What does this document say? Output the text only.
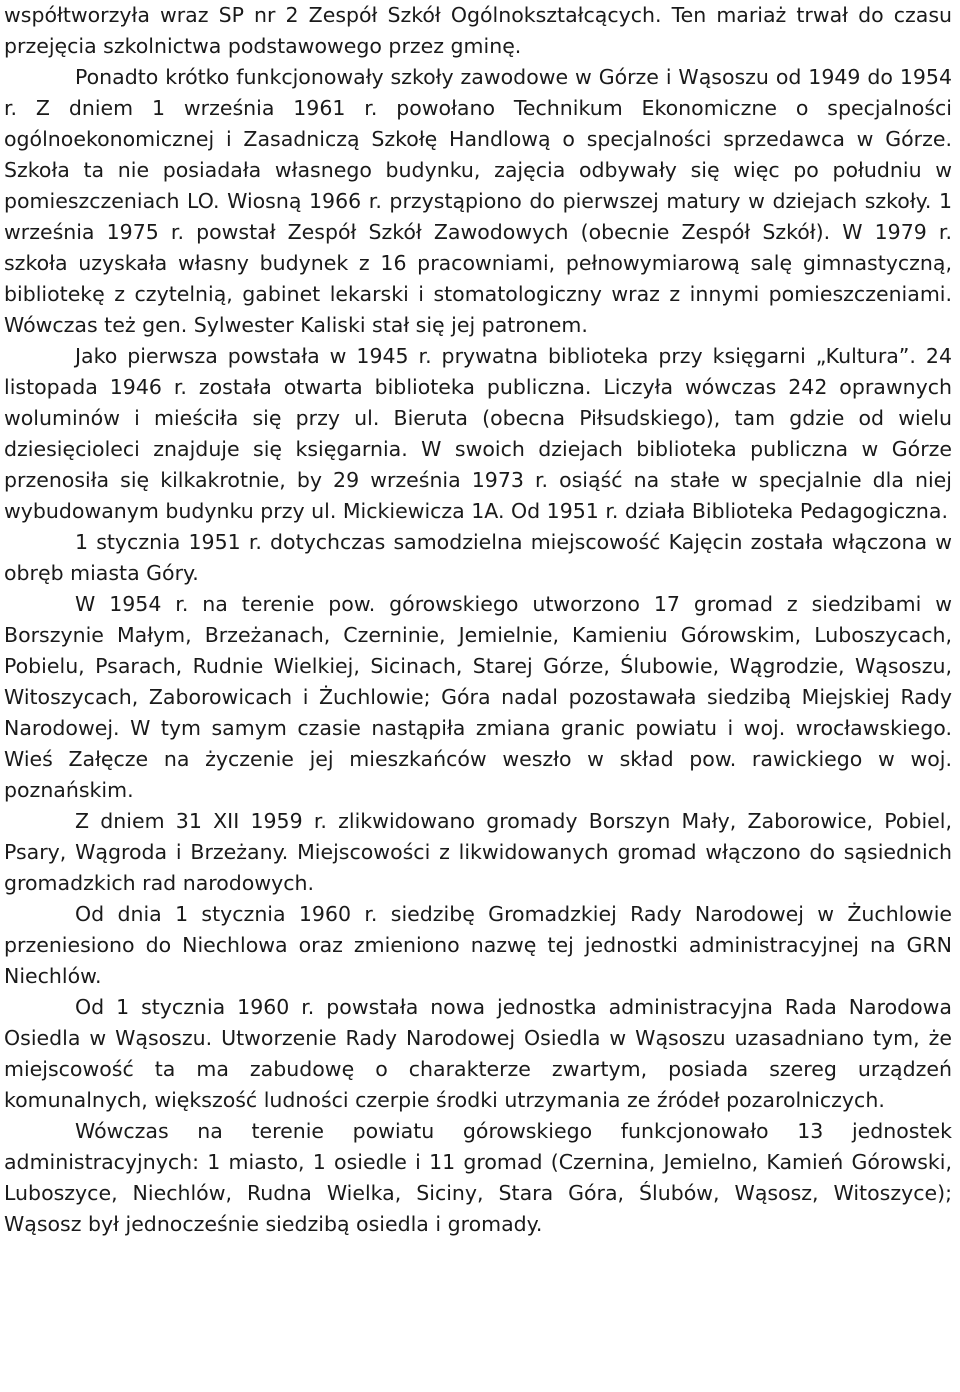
współtworzyła wraz SP nr 2 Zespół Szkół Ogólnokształcących. Ten mariaż trwał do czasu przejęcia szkolnictwa podstawowego przez gminę.

Ponadto krótko funkcjonowały szkoły zawodowe w Górze i Wąsoszu od 1949 do 1954 r. Z dniem 1 września 1961 r. powołano Technikum Ekonomiczne o specjalności ogólnoekonomicznej i Zasadniczą Szkołę Handlową o specjalności sprzedawca w Górze. Szkoła ta nie posiadała własnego budynku, zajęcia odbywały się więc po południu w pomieszczeniach LO. Wiosną 1966 r. przystąpiono do pierwszej matury w dziejach szkoły. 1 września 1975 r. powstał Zespół Szkół Zawodowych (obecnie Zespół Szkół). W 1979 r. szkoła uzyskała własny budynek z 16 pracowniami, pełnowymiarową salę gimnastyczną, bibliotekę z czytelnią, gabinet lekarski i stomatologiczny wraz z innymi pomieszczeniami. Wówczas też gen. Sylwester Kaliski stał się jej patronem.

Jako pierwsza powstała w 1945 r. prywatna biblioteka przy księgarni „Kultura”. 24 listopada 1946 r. została otwarta biblioteka publiczna. Liczyła wówczas 242 oprawnych woluminów i mieściła się przy ul. Bieruta (obecna Piłsudskiego), tam gdzie od wielu dziesięcioleci znajduje się księgarnia. W swoich dziejach biblioteka publiczna w Górze przenosiła się kilkakrotnie, by 29 września 1973 r. osiąść na stałe w specjalnie dla niej wybudowanym budynku przy ul. Mickiewicza 1A. Od 1951 r. działa Biblioteka Pedagogiczna.

1 stycznia 1951 r. dotychczas samodzielna miejscowość Kajęcin została włączona w obręb miasta Góry.

W 1954 r. na terenie pow. górowskiego utworzono 17 gromad z siedzibami w Borszynie Małym, Brzeżanach, Czerninie, Jemielnie, Kamieniu Górowskim, Luboszycach, Pobielu, Psarach, Rudnie Wielkiej, Sicinach, Starej Górze, Ślubowie, Wągrodzie, Wąsoszu, Witoszycach, Zaborowicach i Żuchlowie; Góra nadal pozostawała siedzibą Miejskiej Rady Narodowej. W tym samym czasie nastąpiła zmiana granic powiatu i woj. wrocławskiego. Wieś Załęcze na życzenie jej mieszkańców weszło w skład pow. rawickiego w woj. poznańskim.

Z dniem 31 XII 1959 r. zlikwidowano gromady Borszyn Mały, Zaborowice, Pobiel, Psary, Wągroda i Brzeżany. Miejscowości z likwidowanych gromad włączono do sąsiednich gromadzkich rad narodowych.

Od dnia 1 stycznia 1960 r. siedzibę Gromadzkiej Rady Narodowej w Żuchlowie przeniesiono do Niechlowa oraz zmieniono nazwę tej jednostki administracyjnej na GRN Niechlów.

Od 1 stycznia 1960 r. powstała nowa jednostka administracyjna Rada Narodowa Osiedla w Wąsoszu. Utworzenie Rady Narodowej Osiedla w Wąsoszu uzasadniano tym, że miejscowość ta ma zabudowę o charakterze zwartym, posiada szereg urządzeń komunalnych, większość ludności czerpie środki utrzymania ze źródeł pozarolniczych.

Wówczas na terenie powiatu górowskiego funkcjonowało 13 jednostek administracyjnych: 1 miasto, 1 osiedle i 11 gromad (Czernina, Jemielno, Kamień Górowski, Luboszyce, Niechlów, Rudna Wielka, Siciny, Stara Góra, Ślubów, Wąsosz, Witoszyce); Wąsosz był jednocześnie siedzibą osiedla i gromady.
